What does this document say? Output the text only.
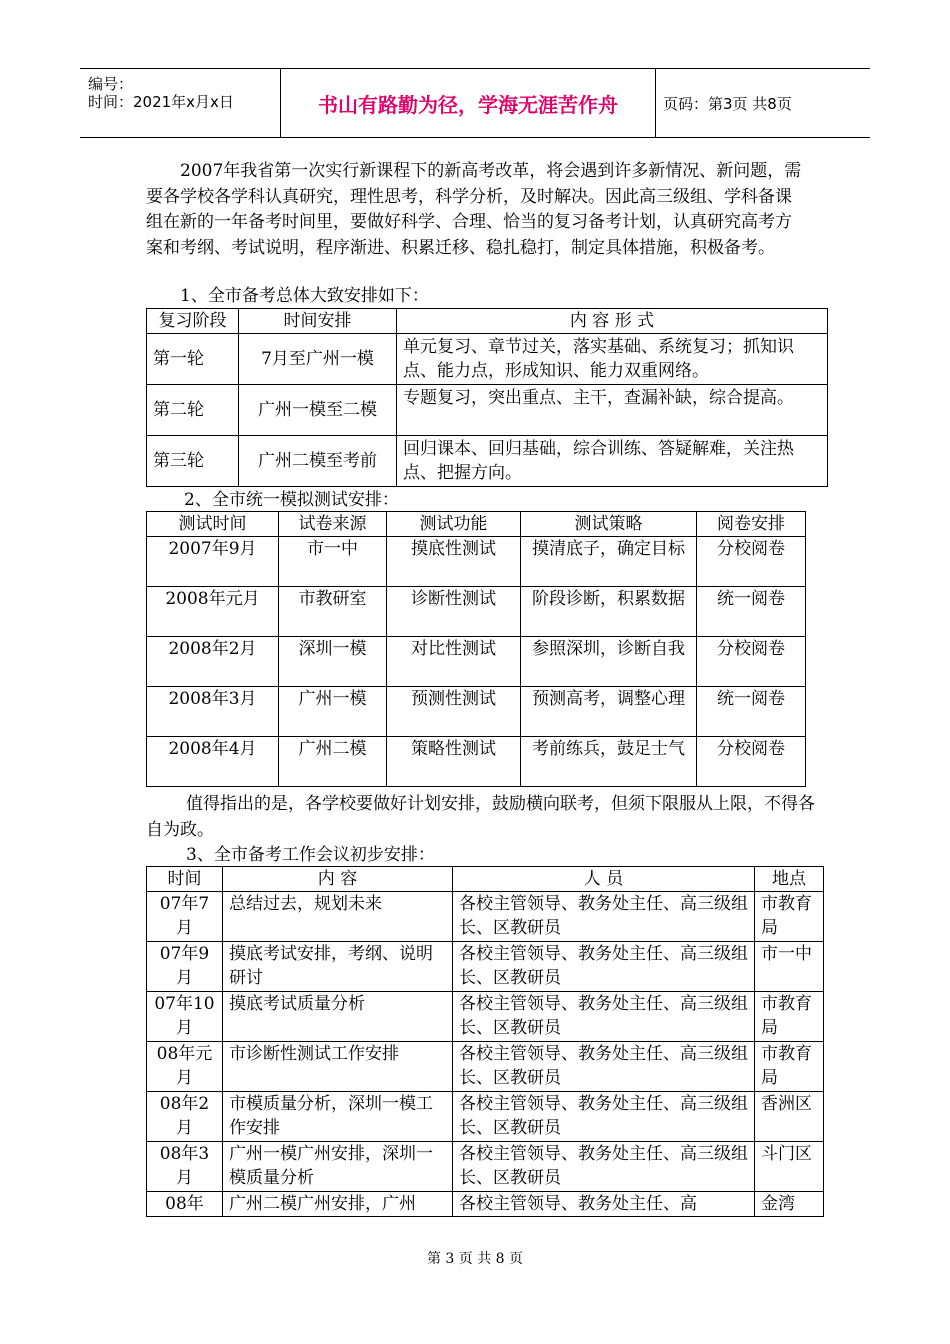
编号：
时间：2021年x月x日	书山有路勤为径，学海无涯苦作舟	页码：第3页 共8页
2007年我省第一次实行新课程下的新高考改革，将会遇到许多新情况、新问题，需要各学校各学科认真研究，理性思考，科学分析，及时解决。因此高三级组、学科备课组在新的一年备考时间里，要做好科学、合理、恰当的复习备考计划，认真研究高考方案和考纲、考试说明，程序渐进、积累迁移、稳扎稳打，制定具体措施，积极备考。
1、全市备考总体大致安排如下：
复习阶段	时间安排	内 容 形 式
第一轮	7月至广州一模	单元复习、章节过关，落实基础、系统复习；抓知识点、能力点，形成知识、能力双重网络。
第二轮	广州一模至二模	专题复习，突出重点、主干，查漏补缺，综合提高。
第三轮	广州二模至考前	回归课本、回归基础，综合训练、答疑解难，关注热点、把握方向。
2、全市统一模拟测试安排：
测试时间	试卷来源	测试功能	测试策略	阅卷安排
2007年9月	市一中	摸底性测试	摸清底子，确定目标	分校阅卷
2008年元月	市教研室	诊断性测试	阶段诊断，积累数据	统一阅卷
2008年2月	深圳一模	对比性测试	参照深圳，诊断自我	分校阅卷
2008年3月	广州一模	预测性测试	预测高考，调整心理	统一阅卷
2008年4月	广州二模	策略性测试	考前练兵，鼓足士气	分校阅卷
值得指出的是，各学校要做好计划安排，鼓励横向联考，但须下限服从上限，不得各自为政。
3、全市备考工作会议初步安排：
时间	内 容	人 员	地点
07年7月	总结过去，规划未来	各校主管领导、教务处主任、高三级组长、区教研员	市教育局
07年9月	摸底考试安排，考纲、说明研讨	各校主管领导、教务处主任、高三级组长、区教研员	市一中
07年10月	摸底考试质量分析	各校主管领导、教务处主任、高三级组长、区教研员	市教育局
08年元月	市诊断性测试工作安排	各校主管领导、教务处主任、高三级组长、区教研员	市教育局
08年2月	市模质量分析，深圳一模工作安排	各校主管领导、教务处主任、高三级组长、区教研员	香洲区
08年3月	广州一模广州安排，深圳一模质量分析	各校主管领导、教务处主任、高三级组长、区教研员	斗门区
08年	广州二模广州安排，广州	各校主管领导、教务处主任、高	金湾
第 3 页 共 8 页
